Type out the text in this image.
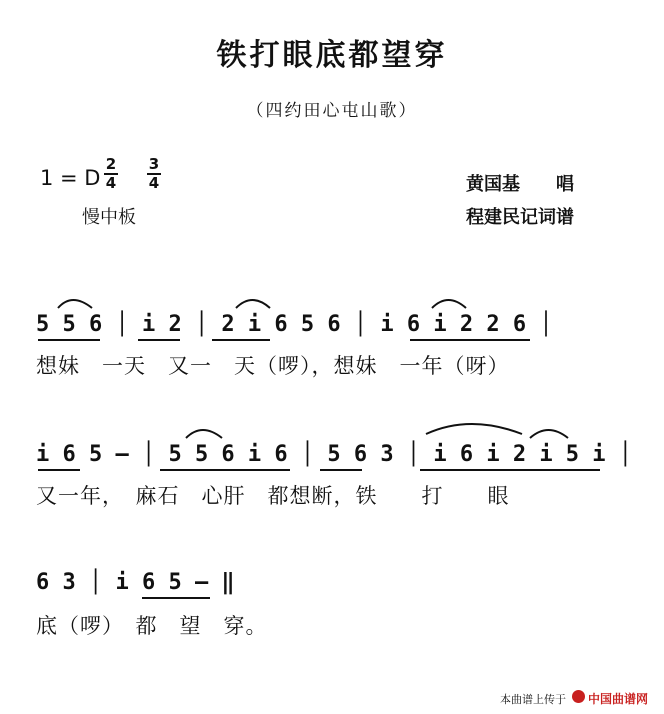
铁打眼底都望穿
（四约田心屯山歌）
1 = D
2
4
3
4
慢中板
黄国基　　唱
程建民记词谱
5 5 6 │ i 2 │ 2 i 6 5 6 │ i 6 i 2 2 6 │
想妹　一天　又一　天（啰），想妹　一年（呀）
i 6 5 – │ 5 5 6 i 6 │ 5 6 3 │ i 6 i 2 i 5 i │
又一年，　麻石　心肝　都想断，铁　　打　　眼
6 3 │ i 6 5 – ‖
底（啰）　都　望　穿。
本曲谱上传于	中国曲谱网
